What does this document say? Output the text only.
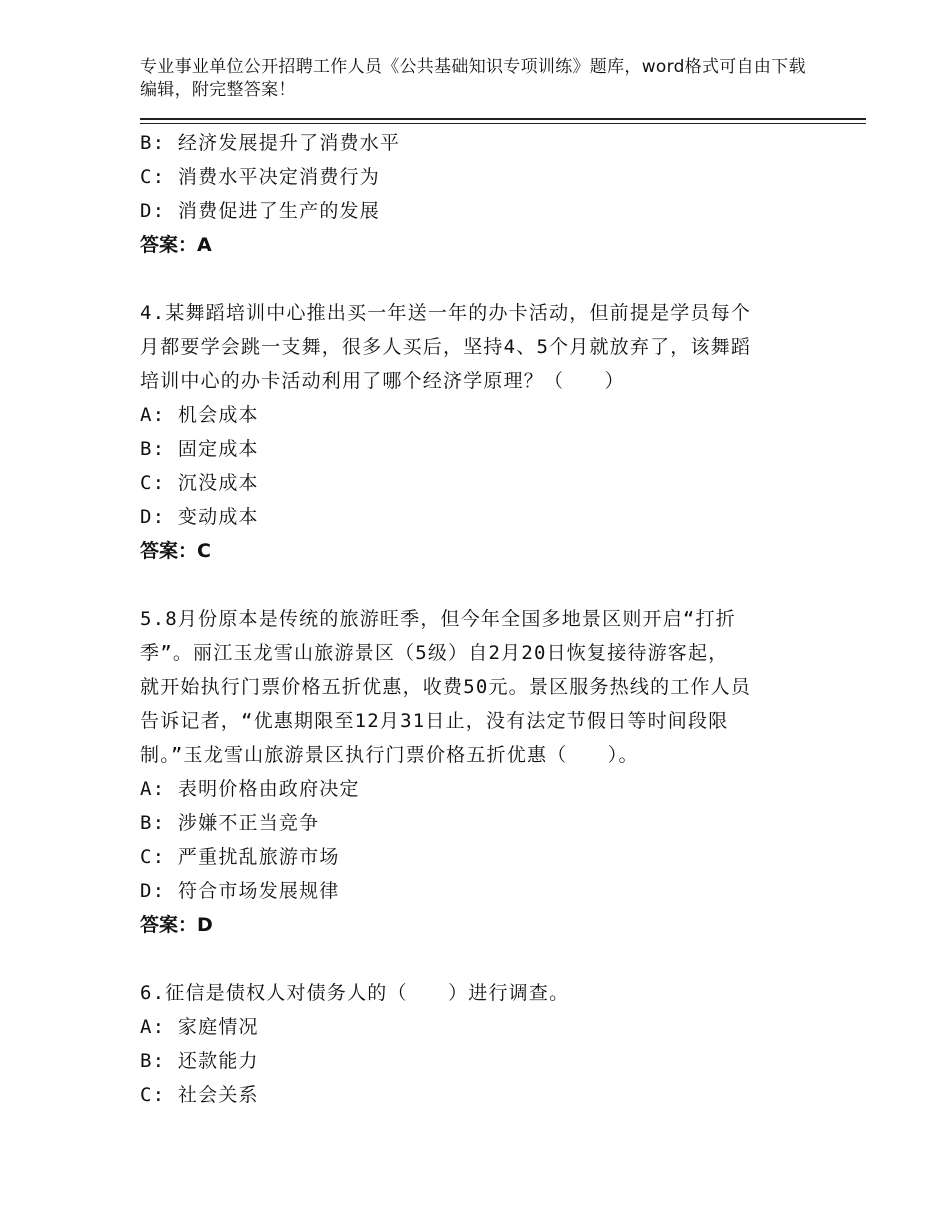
专业事业单位公开招聘工作人员《公共基础知识专项训练》题库，word格式可自由下载编辑，附完整答案！
B: 经济发展提升了消费水平
C: 消费水平决定消费行为
D: 消费促进了生产的发展
答案：A
4.某舞蹈培训中心推出买一年送一年的办卡活动，但前提是学员每个
月都要学会跳一支舞，很多人买后，坚持4、5个月就放弃了，该舞蹈
培训中心的办卡活动利用了哪个经济学原理？（　　）
A: 机会成本
B: 固定成本
C: 沉没成本
D: 变动成本
答案：C
5.8月份原本是传统的旅游旺季，但今年全国多地景区则开启“打折
季”。丽江玉龙雪山旅游景区（5级）自2月20日恢复接待游客起，
就开始执行门票价格五折优惠，收费50元。景区服务热线的工作人员
告诉记者，“优惠期限至12月31日止，没有法定节假日等时间段限
制。”玉龙雪山旅游景区执行门票价格五折优惠（　　）。
A: 表明价格由政府决定
B: 涉嫌不正当竞争
C: 严重扰乱旅游市场
D: 符合市场发展规律
答案：D
6.征信是债权人对债务人的（　　）进行调查。
A: 家庭情况
B: 还款能力
C: 社会关系
